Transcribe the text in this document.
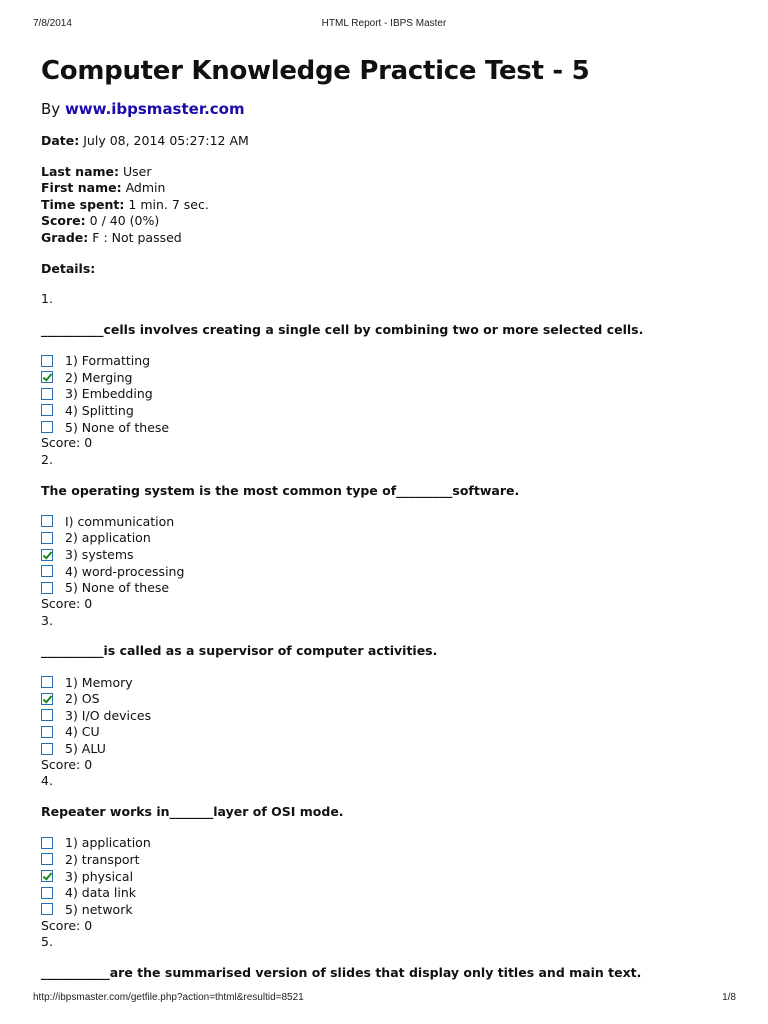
7/8/2014	HTML Report - IBPS Master
Computer Knowledge Practice Test - 5
By www.ibpsmaster.com
Date: July 08, 2014 05:27:12 AM
Last name: User
First name: Admin
Time spent: 1 min. 7 sec.
Score: 0 / 40 (0%)
Grade: F : Not passed
Details:
1.
__________cells involves creating a single cell by combining two or more selected cells.
1) Formatting
2) Merging
3) Embedding
4) Splitting
5) None of these
Score: 0
2.
The operating system is the most common type of_________software.
I) communication
2) application
3) systems
4) word-processing
5) None of these
Score: 0
3.
__________is called as a supervisor of computer activities.
1) Memory
2) OS
3) I/O devices
4) CU
5) ALU
Score: 0
4.
Repeater works in_______layer of OSI mode.
1) application
2) transport
3) physical
4) data link
5) network
Score: 0
5.
___________are the summarised version of slides that display only titles and main text.
http://ibpsmaster.com/getfile.php?action=thtml&resultid=8521	1/8
